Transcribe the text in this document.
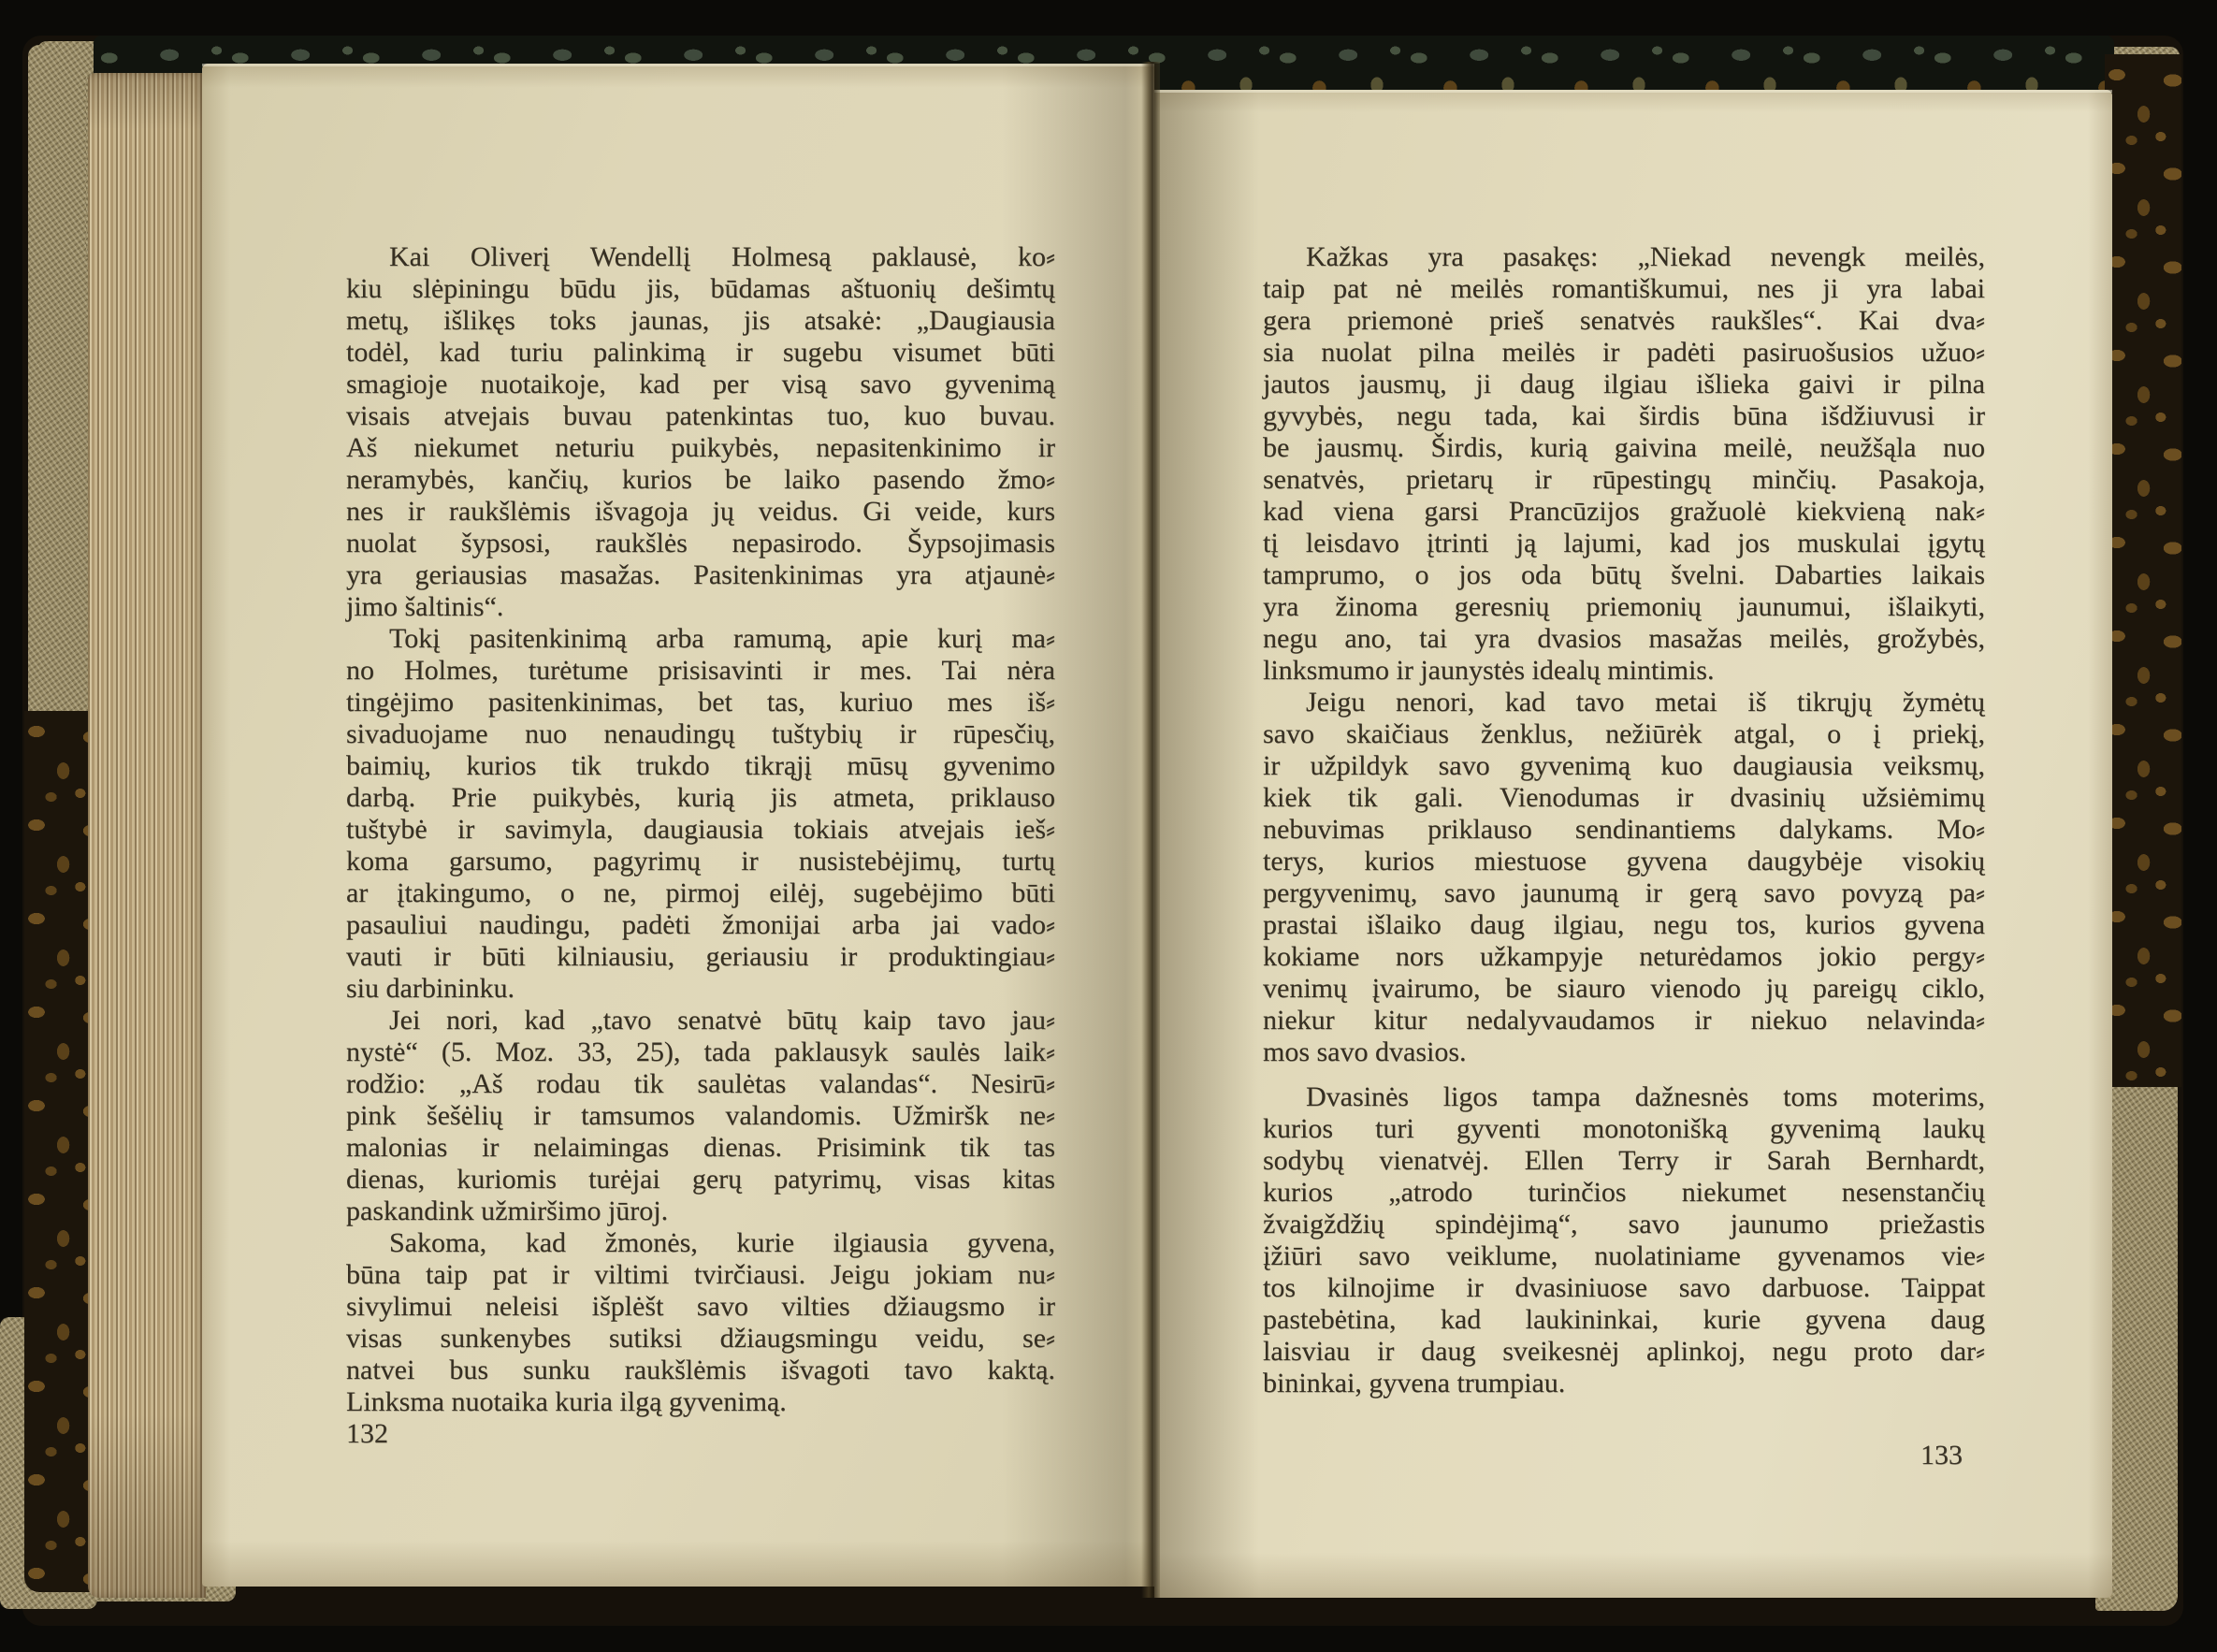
Kai Oliverį Wendellį Holmesą paklausė, ko⸗
kiu slėpiningu būdu jis, būdamas aštuonių dešimtų
metų, išlikęs toks jaunas, jis atsakė: „Daugiausia
todėl, kad turiu palinkimą ir sugebu visumet būti
smagioje nuotaikoje, kad per visą savo gyvenimą
visais atvejais buvau patenkintas tuo, kuo buvau.
Aš niekumet neturiu puikybės, nepasitenkinimo ir
neramybės, kančių, kurios be laiko pasendo žmo⸗
nes ir raukšlėmis išvagoja jų veidus. Gi veide, kurs
nuolat šypsosi, raukšlės nepasirodo. Šypsojimasis
yra geriausias masažas. Pasitenkinimas yra atjaunė⸗
jimo šaltinis“.
Tokį pasitenkinimą arba ramumą, apie kurį ma⸗
no Holmes, turėtume prisisavinti ir mes. Tai nėra
tingėjimo pasitenkinimas, bet tas, kuriuo mes iš⸗
sivaduojame nuo nenaudingų tuštybių ir rūpesčių,
baimių, kurios tik trukdo tikrąjį mūsų gyvenimo
darbą. Prie puikybės, kurią jis atmeta, priklauso
tuštybė ir savimyla, daugiausia tokiais atvejais ieš⸗
koma garsumo, pagyrimų ir nusistebėjimų, turtų
ar įtakingumo, o ne, pirmoj eilėj, sugebėjimo būti
pasauliui naudingu, padėti žmonijai arba jai vado⸗
vauti ir būti kilniausiu, geriausiu ir produktingiau⸗
siu darbininku.
Jei nori, kad „tavo senatvė būtų kaip tavo jau⸗
nystė“ (5. Moz. 33, 25), tada paklausyk saulės laik⸗
rodžio: „Aš rodau tik saulėtas valandas“. Nesirū⸗
pink šešėlių ir tamsumos valandomis. Užmiršk ne⸗
malonias ir nelaimingas dienas. Prisimink tik tas
dienas, kuriomis turėjai gerų patyrimų, visas kitas
paskandink užmiršimo jūroj.
Sakoma, kad žmonės, kurie ilgiausia gyvena,
būna taip pat ir viltimi tvirčiausi. Jeigu jokiam nu⸗
sivylimui neleisi išplėšt savo vilties džiaugsmo ir
visas sunkenybes sutiksi džiaugsmingu veidu, se⸗
natvei bus sunku raukšlėmis išvagoti tavo kaktą.
Linksma nuotaika kuria ilgą gyvenimą.
132
Kažkas yra pasakęs: „Niekad nevengk meilės,
taip pat nė meilės romantiškumui, nes ji yra labai
gera priemonė prieš senatvės raukšles“. Kai dva⸗
sia nuolat pilna meilės ir padėti pasiruošusios užuo⸗
jautos jausmų, ji daug ilgiau išlieka gaivi ir pilna
gyvybės, negu tada, kai širdis būna išdžiuvusi ir
be jausmų. Širdis, kurią gaivina meilė, neužšąla nuo
senatvės, prietarų ir rūpestingų minčių. Pasakoja,
kad viena garsi Prancūzijos gražuolė kiekvieną nak⸗
tį leisdavo įtrinti ją lajumi, kad jos muskulai įgytų
tamprumo, o jos oda būtų švelni. Dabarties laikais
yra žinoma geresnių priemonių jaunumui, išlaikyti,
negu ano, tai yra dvasios masažas meilės, grožybės,
linksmumo ir jaunystės idealų mintimis.
Jeigu nenori, kad tavo metai iš tikrųjų žymėtų
savo skaičiaus ženklus, nežiūrėk atgal, o į priekį,
ir užpildyk savo gyvenimą kuo daugiausia veiksmų,
kiek tik gali. Vienodumas ir dvasinių užsiėmimų
nebuvimas priklauso sendinantiems dalykams. Mo⸗
terys, kurios miestuose gyvena daugybėje visokių
pergyvenimų, savo jaunumą ir gerą savo povyzą pa⸗
prastai išlaiko daug ilgiau, negu tos, kurios gyvena
kokiame nors užkampyje neturėdamos jokio pergy⸗
venimų įvairumo, be siauro vienodo jų pareigų ciklo,
niekur kitur nedalyvaudamos ir niekuo nelavinda⸗
mos savo dvasios.
Dvasinės ligos tampa dažnesnės toms moterims,
kurios turi gyventi monotonišką gyvenimą laukų
sodybų vienatvėj. Ellen Terry ir Sarah Bernhardt,
kurios „atrodo turinčios niekumet nesenstančių
žvaigždžių spindėjimą“, savo jaunumo priežastis
įžiūri savo veiklume, nuolatiniame gyvenamos vie⸗
tos kilnojime ir dvasiniuose savo darbuose. Taippat
pastebėtina, kad laukininkai, kurie gyvena daug
laisviau ir daug sveikesnėj aplinkoj, negu proto dar⸗
bininkai, gyvena trumpiau.
133
